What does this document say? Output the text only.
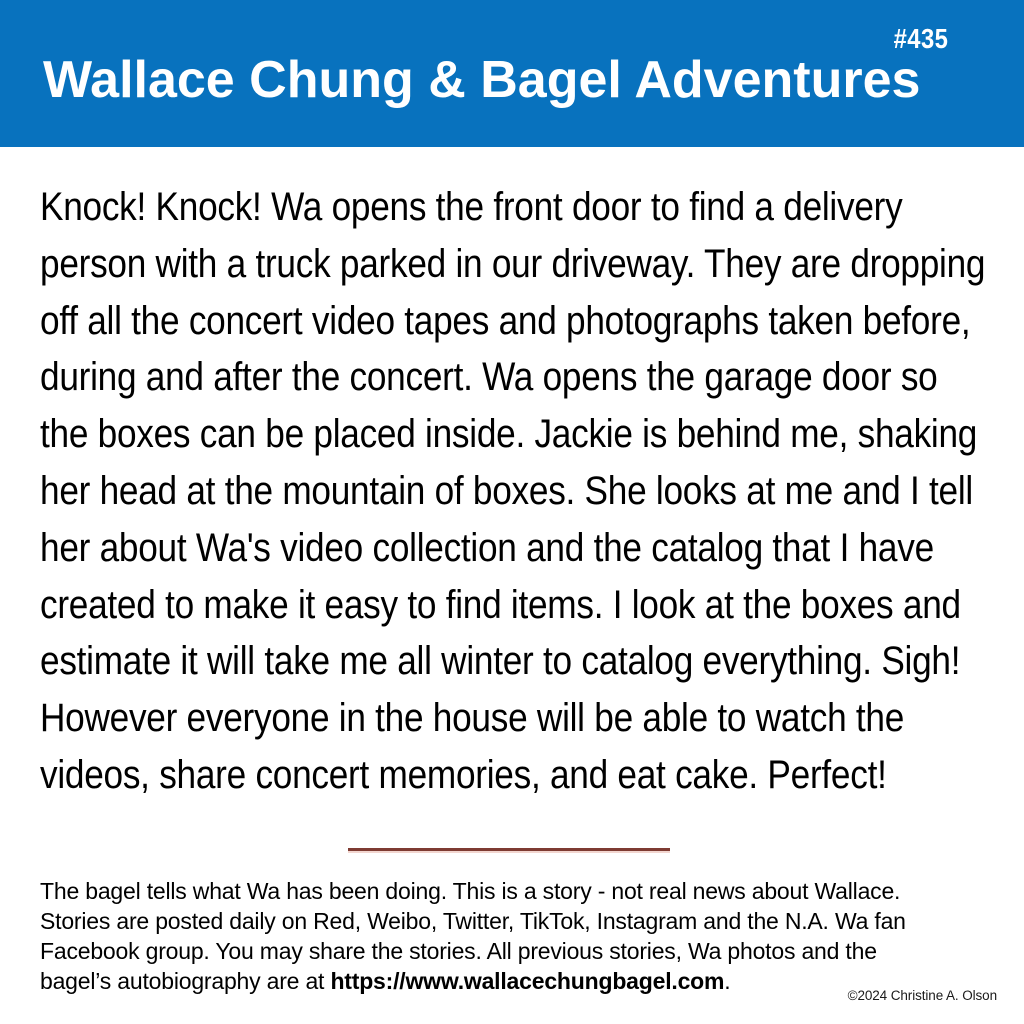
#435
Wallace Chung & Bagel Adventures
Knock! Knock! Wa opens the front door to find a delivery
person with a truck parked in our driveway. They are dropping
off all the concert video tapes and photographs taken before,
during and after the concert. Wa opens the garage door so
the boxes can be placed inside. Jackie is behind me, shaking
her head at the mountain of boxes. She looks at me and I tell
her about Wa's video collection and the catalog that I have
created to make it easy to find items. I look at the boxes and
estimate it will take me all winter to catalog everything. Sigh!
However everyone in the house will be able to watch the
videos, share concert memories, and eat cake. Perfect!
The bagel tells what Wa has been doing. This is a story - not real news about Wallace.
Stories are posted daily on Red, Weibo, Twitter, TikTok, Instagram and the N.A. Wa fan
Facebook group. You may share the stories. All previous stories, Wa photos and the
bagel’s autobiography are at https://www.wallacechungbagel.com.
©2024 Christine A. Olson
